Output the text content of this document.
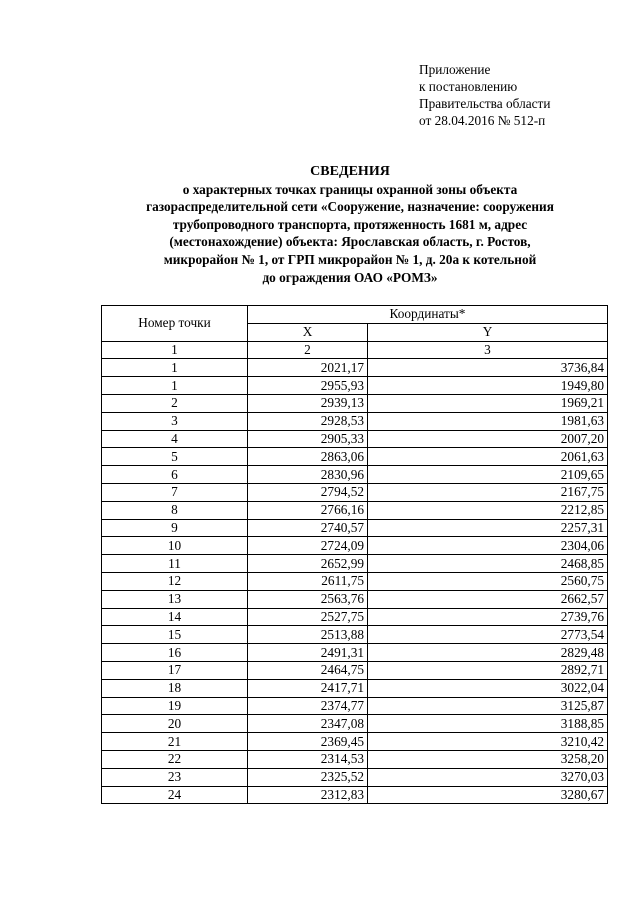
Приложение
к постановлению
Правительства области
от 28.04.2016 № 512-п
СВЕДЕНИЯ
о характерных точках границы охранной зоны объекта
газораспределительной сети «Сооружение, назначение: сооружения
трубопроводного транспорта, протяженность 1681 м, адрес
(местонахождение) объекта: Ярославская область, г. Ростов,
микрорайон № 1, от ГРП микрорайон № 1, д. 20а к котельной
до ограждения ОАО «РОМЗ»
Номер точки	Координаты*	
	X	Y
1	2	3
1	2021,17	3736,84
1	2955,93	1949,80
2	2939,13	1969,21
3	2928,53	1981,63
4	2905,33	2007,20
5	2863,06	2061,63
6	2830,96	2109,65
7	2794,52	2167,75
8	2766,16	2212,85
9	2740,57	2257,31
10	2724,09	2304,06
11	2652,99	2468,85
12	2611,75	2560,75
13	2563,76	2662,57
14	2527,75	2739,76
15	2513,88	2773,54
16	2491,31	2829,48
17	2464,75	2892,71
18	2417,71	3022,04
19	2374,77	3125,87
20	2347,08	3188,85
21	2369,45	3210,42
22	2314,53	3258,20
23	2325,52	3270,03
24	2312,83	3280,67
